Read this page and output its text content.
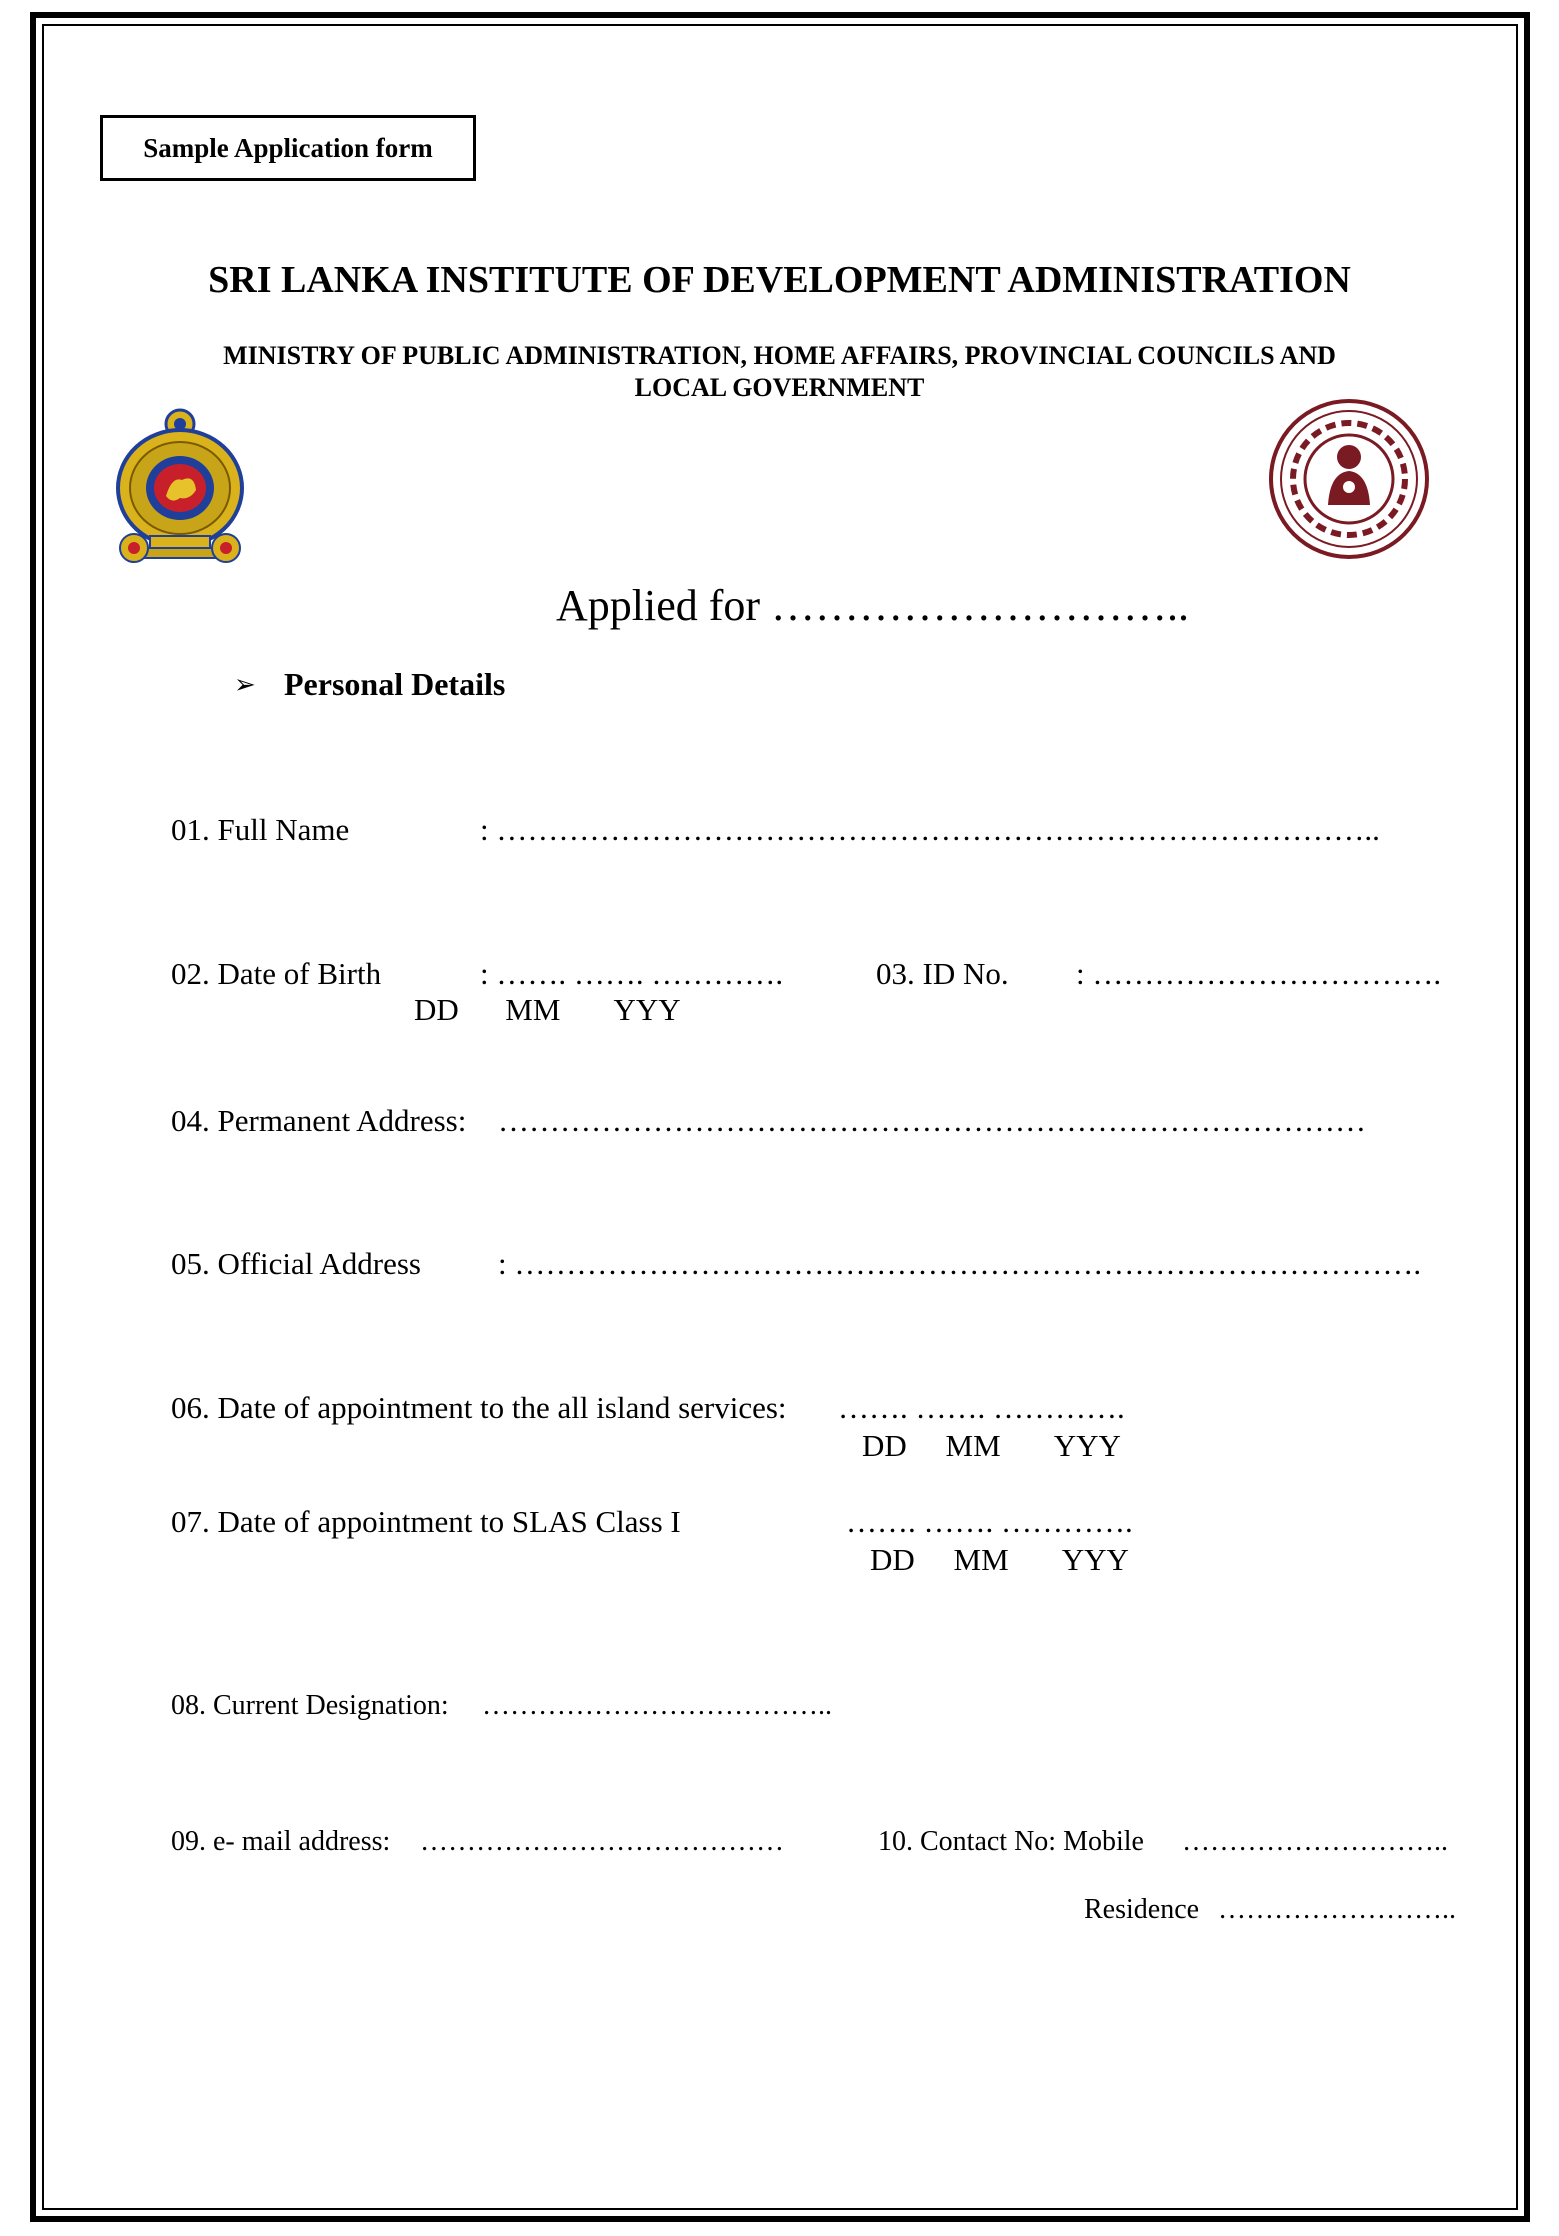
Sample Application form
SRI LANKA INSTITUTE OF DEVELOPMENT ADMINISTRATION
MINISTRY OF PUBLIC ADMINISTRATION, HOME AFFAIRS, PROVINCIAL COUNCILS AND
LOCAL GOVERNMENT
Applied for ………………………..
➢ Personal Details
01. Full Name	: …………………………………………………………………………..
02. Date of Birth	: ……. ……. ………….
DD      MM       YYY
03. ID No. : …………………………….
04. Permanent Address: …………………………………………………………………………
05. Official Address : …………………………………………………………………………….
06. Date of appointment to the all island services: ……. ……. ………….
DD     MM       YYY
07. Date of appointment to SLAS Class I	……. ……. ………….
DD     MM       YYY
08. Current Designation: ………………………………..
09. e- mail address: …………………………………	10. Contact No: Mobile ………………………..
Residence ……………………..
